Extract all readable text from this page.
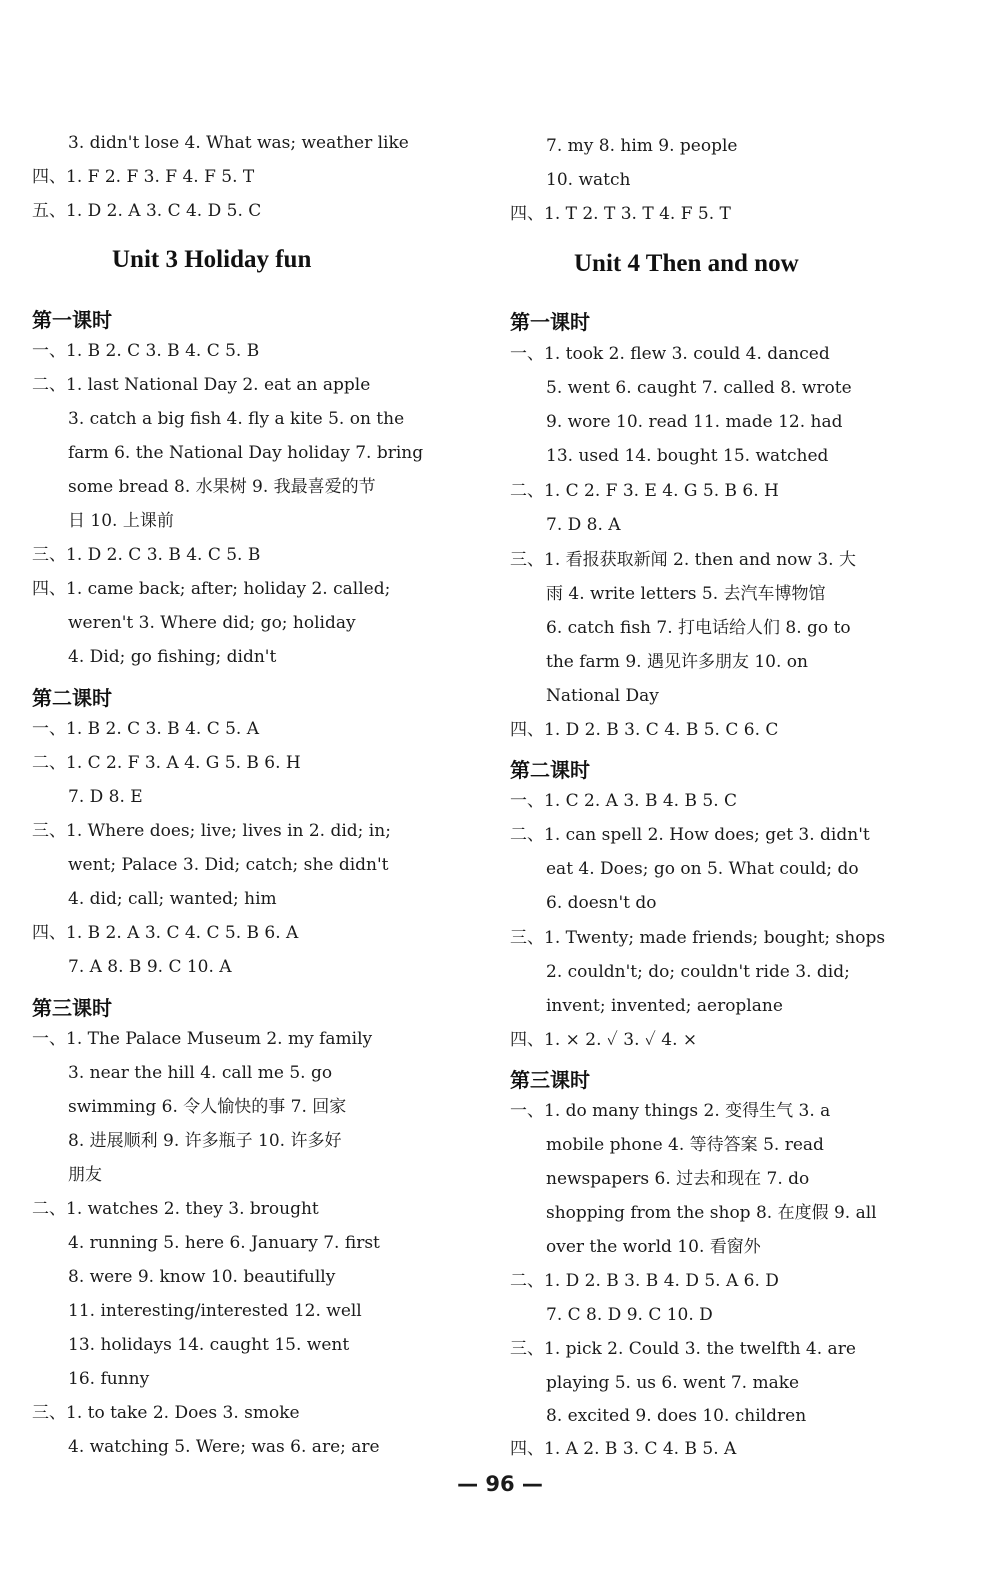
3. didn't lose 4. What was; weather like
四、1. F 2. F 3. F 4. F 5. T
五、1. D 2. A 3. C 4. D 5. C
Unit 3 Holiday fun
第一课时
一、1. B 2. C 3. B 4. C 5. B
二、1. last National Day 2. eat an apple
3. catch a big fish 4. fly a kite 5. on the
farm 6. the National Day holiday 7. bring
some bread 8. 水果树 9. 我最喜爱的节
日 10. 上课前
三、1. D 2. C 3. B 4. C 5. B
四、1. came back; after; holiday 2. called;
weren't 3. Where did; go; holiday
4. Did; go fishing; didn't
第二课时
一、1. B 2. C 3. B 4. C 5. A
二、1. C 2. F 3. A 4. G 5. B 6. H
7. D 8. E
三、1. Where does; live; lives in 2. did; in;
went; Palace 3. Did; catch; she didn't
4. did; call; wanted; him
四、1. B 2. A 3. C 4. C 5. B 6. A
7. A 8. B 9. C 10. A
第三课时
一、1. The Palace Museum 2. my family
3. near the hill 4. call me 5. go
swimming 6. 令人愉快的事 7. 回家
8. 进展顺利 9. 许多瓶子 10. 许多好
朋友
二、1. watches 2. they 3. brought
4. running 5. here 6. January 7. first
8. were 9. know 10. beautifully
11. interesting/interested 12. well
13. holidays 14. caught 15. went
16. funny
三、1. to take 2. Does 3. smoke
4. watching 5. Were; was 6. are; are
7. my 8. him 9. people
10. watch
四、1. T 2. T 3. T 4. F 5. T
Unit 4 Then and now
第一课时
一、1. took 2. flew 3. could 4. danced
5. went 6. caught 7. called 8. wrote
9. wore 10. read 11. made 12. had
13. used 14. bought 15. watched
二、1. C 2. F 3. E 4. G 5. B 6. H
7. D 8. A
三、1. 看报获取新闻 2. then and now 3. 大
雨 4. write letters 5. 去汽车博物馆
6. catch fish 7. 打电话给人们 8. go to
the farm 9. 遇见许多朋友 10. on
National Day
四、1. D 2. B 3. C 4. B 5. C 6. C
第二课时
一、1. C 2. A 3. B 4. B 5. C
二、1. can spell 2. How does; get 3. didn't
eat 4. Does; go on 5. What could; do
6. doesn't do
三、1. Twenty; made friends; bought; shops
2. couldn't; do; couldn't ride 3. did;
invent; invented; aeroplane
四、1. × 2. ✓ 3. ✓ 4. ×
第三课时
一、1. do many things 2. 变得生气 3. a
mobile phone 4. 等待答案 5. read
newspapers 6. 过去和现在 7. do
shopping from the shop 8. 在度假 9. all
over the world 10. 看窗外
二、1. D 2. B 3. B 4. D 5. A 6. D
7. C 8. D 9. C 10. D
三、1. pick 2. Could 3. the twelfth 4. are
playing 5. us 6. went 7. make
8. excited 9. does 10. children
四、1. A 2. B 3. C 4. B 5. A
— 96 —
